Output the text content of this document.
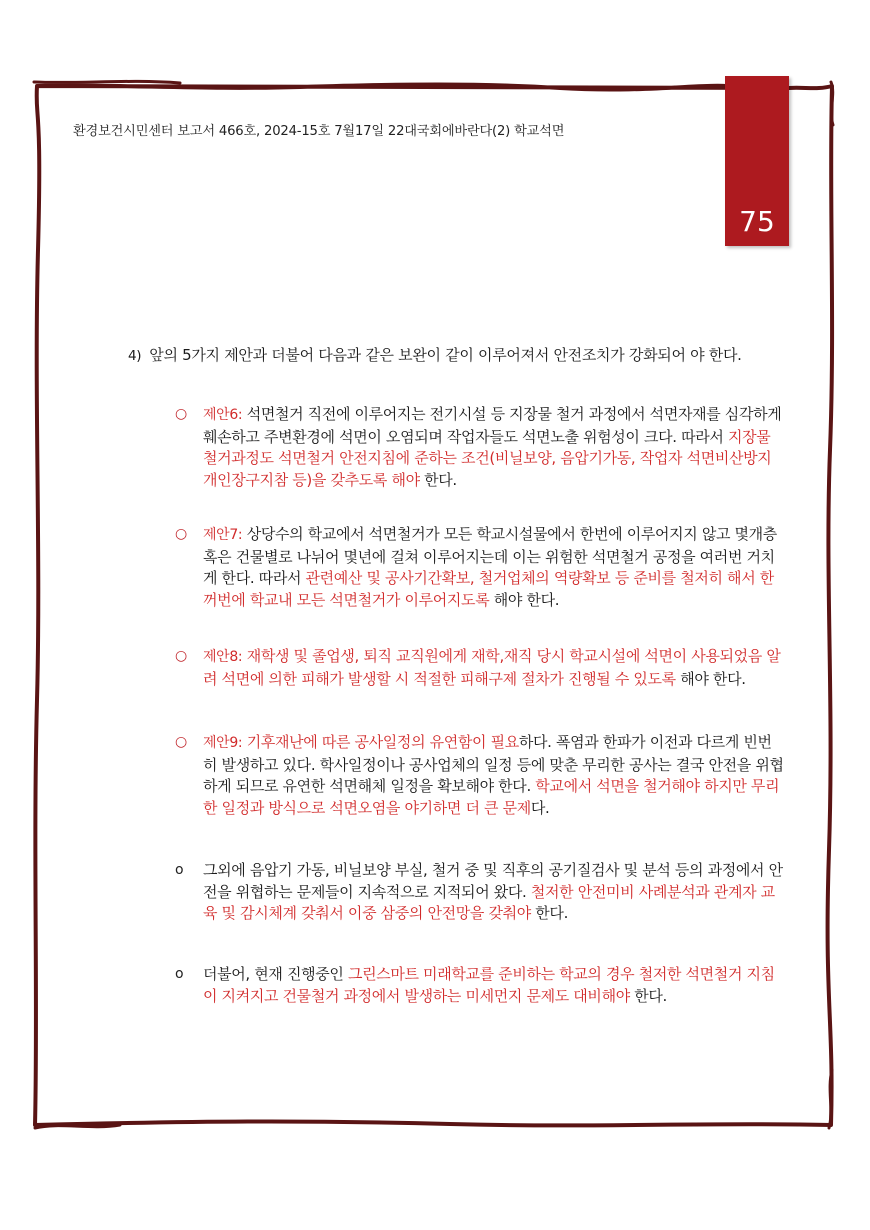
환경보건시민센터 보고서 466호, 2024-15호 7월17일 22대국회에바란다(2) 학교석면
75
4) 앞의 5가지 제안과 더불어 다음과 같은 보완이 같이 이루어져서 안전조치가 강화되어 야 한다.
○ 제안6: 석면철거 직전에 이루어지는 전기시설 등 지장물 철거 과정에서 석면자재를 심각하게 훼손하고 주변환경에 석면이 오염되며 작업자들도 석면노출 위험성이 크다. 따라서 지장물 철거과정도 석면철거 안전지침에 준하는 조건(비닐보양, 음압기가동, 작업자 석면비산방지 개인장구지참 등)을 갖추도록 해야 한다.
○ 제안7: 상당수의 학교에서 석면철거가 모든 학교시설물에서 한번에 이루어지지 않고 몇개층 혹은 건물별로 나뉘어 몇년에 걸쳐 이루어지는데 이는 위험한 석면철거 공정을 여러번 거치게 한다. 따라서 관련예산 및 공사기간확보, 철거업체의 역량확보 등 준비를 철저히 해서 한꺼번에 학교내 모든 석면철거가 이루어지도록 해야 한다.
○ 제안8: 재학생 및 졸업생, 퇴직 교직원에게 재학,재직 당시 학교시설에 석면이 사용되었음 알려 석면에 의한 피해가 발생할 시 적절한 피해구제 절차가 진행될 수 있도록 해야 한다.
○ 제안9: 기후재난에 따른 공사일정의 유연함이 필요하다. 폭염과 한파가 이전과 다르게 빈번히 발생하고 있다. 학사일정이나 공사업체의 일정 등에 맞춘 무리한 공사는 결국 안전을 위협하게 되므로 유연한 석면해체 일정을 확보해야 한다. 학교에서 석면을 철거해야 하지만 무리한 일정과 방식으로 석면오염을 야기하면 더 큰 문제다.
o 그외에 음압기 가동, 비닐보양 부실, 철거 중 및 직후의 공기질검사 및 분석 등의 과정에서 안전을 위협하는 문제들이 지속적으로 지적되어 왔다. 철저한 안전미비 사례분석과 관계자 교육 및 감시체계 갖춰서 이중 삼중의 안전망을 갖춰야 한다.
o 더불어, 현재 진행중인 그린스마트 미래학교를 준비하는 학교의 경우 철저한 석면철거 지침이 지켜지고 건물철거 과정에서 발생하는 미세먼지 문제도 대비해야 한다.
